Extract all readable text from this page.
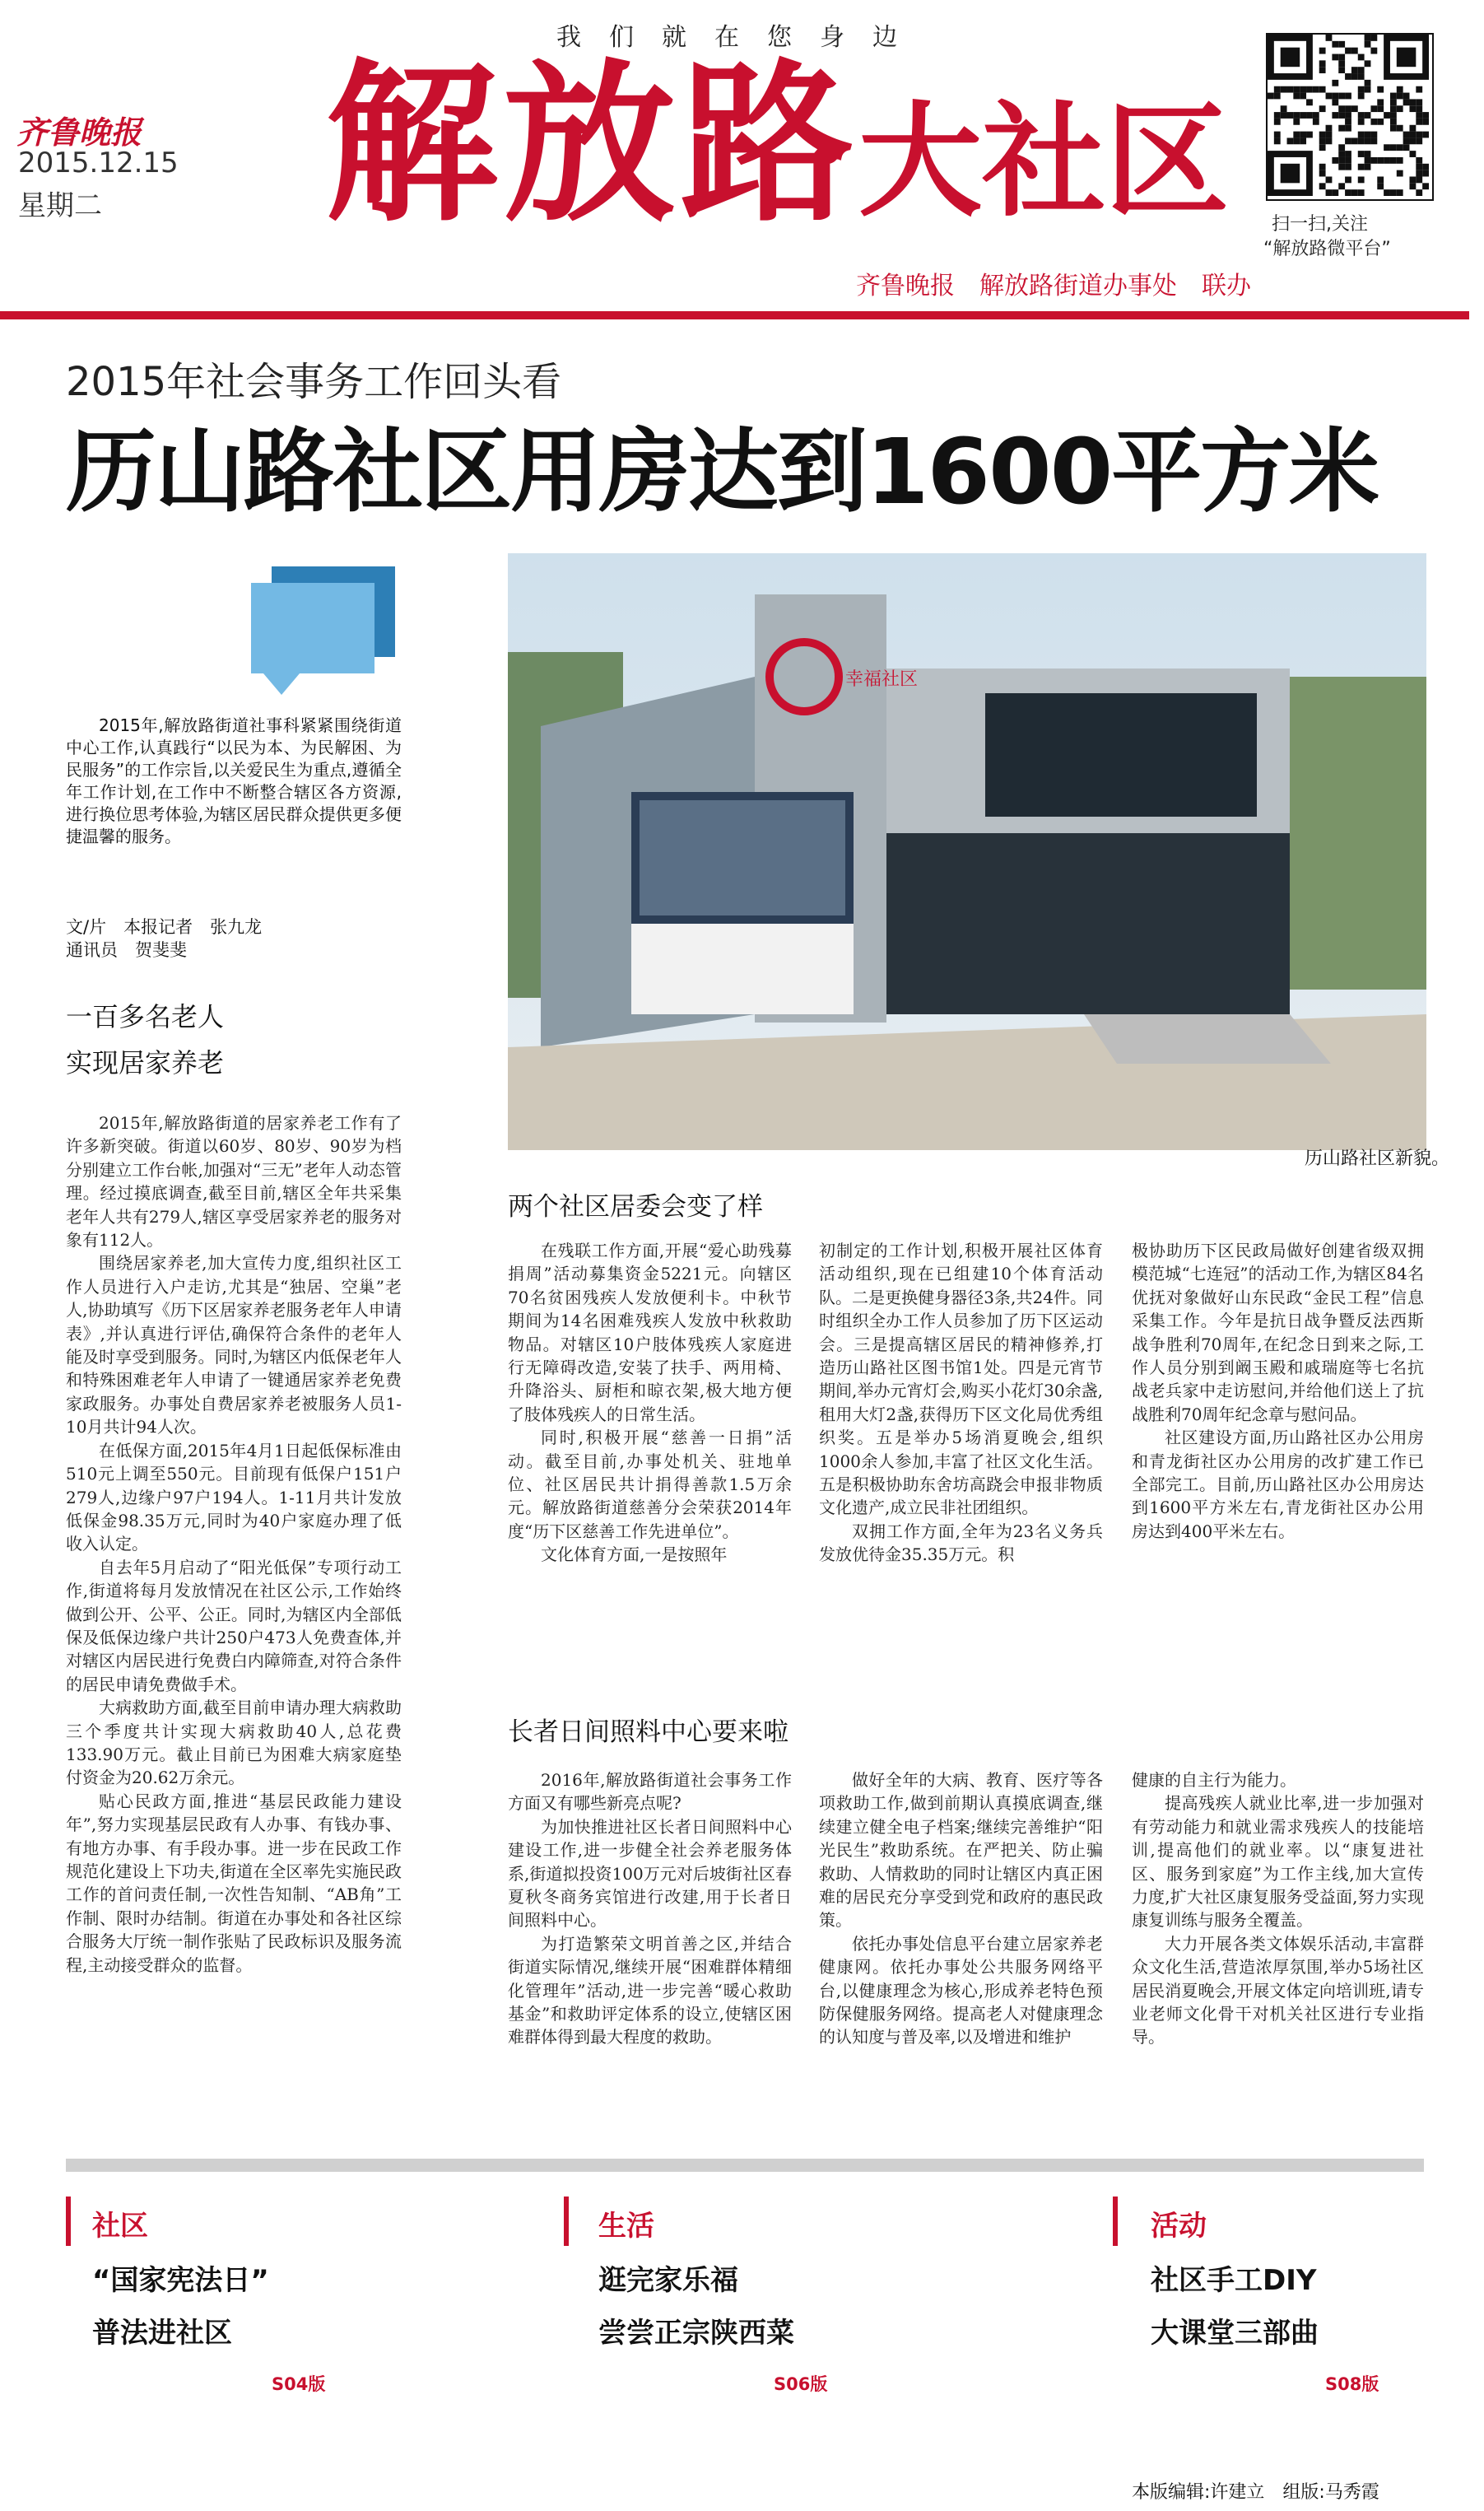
我们就在您身边
齐鲁晚报
2015.12.15
星期二 解放路大社区
齐鲁晚报　解放路街道办事处　联办
扫一扫,关注
“解放路微平台”
2015年社会事务工作回头看
历山路社区用房达到1600平方米
2015年,解放路街道社事科紧紧围绕街道中心工作,认真践行“以民为本、为民解困、为民服务”的工作宗旨,以关爱民生为重点,遵循全年工作计划,在工作中不断整合辖区各方资源,进行换位思考体验,为辖区居民群众提供更多便捷温馨的服务。
文/片　本报记者　张九龙
通讯员　贺斐斐
一百多名老人
实现居家养老

2015年,解放路街道的居家养老工作有了许多新突破。街道以60岁、80岁、90岁为档分别建立工作台帐,加强对“三无”老年人动态管理。经过摸底调查,截至目前,辖区全年共采集老年人共有279人,辖区享受居家养老的服务对象有112人。

围绕居家养老,加大宣传力度,组织社区工作人员进行入户走访,尤其是“独居、空巢”老人,协助填写《历下区居家养老服务老年人申请表》,并认真进行评估,确保符合条件的老年人能及时享受到服务。同时,为辖区内低保老年人和特殊困难老年人申请了一键通居家养老免费家政服务。办事处自费居家养老被服务人员1-10月共计94人次。

在低保方面,2015年4月1日起低保标准由510元上调至550元。目前现有低保户151户279人,边缘户97户194人。1-11月共计发放低保金98.35万元,同时为40户家庭办理了低收入认定。

自去年5月启动了“阳光低保”专项行动工作,街道将每月发放情况在社区公示,工作始终做到公开、公平、公正。同时,为辖区内全部低保及低保边缘户共计250户473人免费查体,并对辖区内居民进行免费白内障筛查,对符合条件的居民申请免费做手术。

大病救助方面,截至目前申请办理大病救助三个季度共计实现大病救助40人,总花费133.90万元。截止目前已为困难大病家庭垫付资金为20.62万余元。

贴心民政方面,推进“基层民政能力建设年”,努力实现基层民政有人办事、有钱办事、有地方办事、有手段办事。进一步在民政工作规范化建设上下功夫,街道在全区率先实施民政工作的首问责任制,一次性告知制、“AB角”工作制、限时办结制。街道在办事处和各社区综合服务大厅统一制作张贴了民政标识及服务流程,主动接受群众的监督。

幸福社区
历山路社区新貌。
两个社区居委会变了样

在残联工作方面,开展“爱心助残募捐周”活动募集资金5221元。向辖区70名贫困残疾人发放便利卡。中秋节期间为14名困难残疾人发放中秋救助物品。对辖区10户肢体残疾人家庭进行无障碍改造,安装了扶手、两用椅、升降浴头、厨柜和晾衣架,极大地方便了肢体残疾人的日常生活。

同时,积极开展“慈善一日捐”活动。截至目前,办事处机关、驻地单位、社区居民共计捐得善款1.5万余元。解放路街道慈善分会荣获2014年度“历下区慈善工作先进单位”。

文化体育方面,一是按照年

初制定的工作计划,积极开展社区体育活动组织,现在已组建10个体育活动队。二是更换健身器径3条,共24件。同时组织全办工作人员参加了历下区运动会。三是提高辖区居民的精神修养,打造历山路社区图书馆1处。四是元宵节期间,举办元宵灯会,购买小花灯30余盏,租用大灯2盏,获得历下区文化局优秀组织奖。五是举办5场消夏晚会,组织1000余人参加,丰富了社区文化生活。五是积极协助东舍坊高跷会申报非物质文化遗产,成立民非社团组织。

双拥工作方面,全年为23名义务兵发放优待金35.35万元。积

极协助历下区民政局做好创建省级双拥模范城“七连冠”的活动工作,为辖区84名优抚对象做好山东民政“金民工程”信息采集工作。今年是抗日战争暨反法西斯战争胜利70周年,在纪念日到来之际,工作人员分别到阚玉殿和戚瑞庭等七名抗战老兵家中走访慰问,并给他们送上了抗战胜利70周年纪念章与慰问品。

社区建设方面,历山路社区办公用房和青龙街社区办公用房的改扩建工作已全部完工。目前,历山路社区办公用房达到1600平方米左右,青龙街社区办公用房达到400平米左右。

长者日间照料中心要来啦

2016年,解放路街道社会事务工作方面又有哪些新亮点呢?

为加快推进社区长者日间照料中心建设工作,进一步健全社会养老服务体系,街道拟投资100万元对后坡街社区春夏秋冬商务宾馆进行改建,用于长者日间照料中心。

为打造繁荣文明首善之区,并结合街道实际情况,继续开展“困难群体精细化管理年”活动,进一步完善“暖心救助基金”和救助评定体系的设立,使辖区困难群体得到最大程度的救助。

做好全年的大病、教育、医疗等各项救助工作,做到前期认真摸底调查,继续建立健全电子档案;继续完善维护“阳光民生”救助系统。在严把关、防止骗救助、人情救助的同时让辖区内真正困难的居民充分享受到党和政府的惠民政策。

依托办事处信息平台建立居家养老健康网。依托办事处公共服务网络平台,以健康理念为核心,形成养老特色预防保健服务网络。提高老人对健康理念的认知度与普及率,以及增进和维护

健康的自主行为能力。

提高残疾人就业比率,进一步加强对有劳动能力和就业需求残疾人的技能培训,提高他们的就业率。以“康复进社区、服务到家庭”为工作主线,加大宣传力度,扩大社区康复服务受益面,努力实现康复训练与服务全覆盖。

大力开展各类文体娱乐活动,丰富群众文化生活,营造浓厚氛围,举办5场社区居民消夏晚会,开展文体定向培训班,请专业老师文化骨干对机关社区进行专业指导。

社区
“国家宪法日”
普法进社区
S04版
生活
逛完家乐福
尝尝正宗陕西菜
S06版
活动
社区手工DIY
大课堂三部曲
S08版
本版编辑:许建立　组版:马秀霞
